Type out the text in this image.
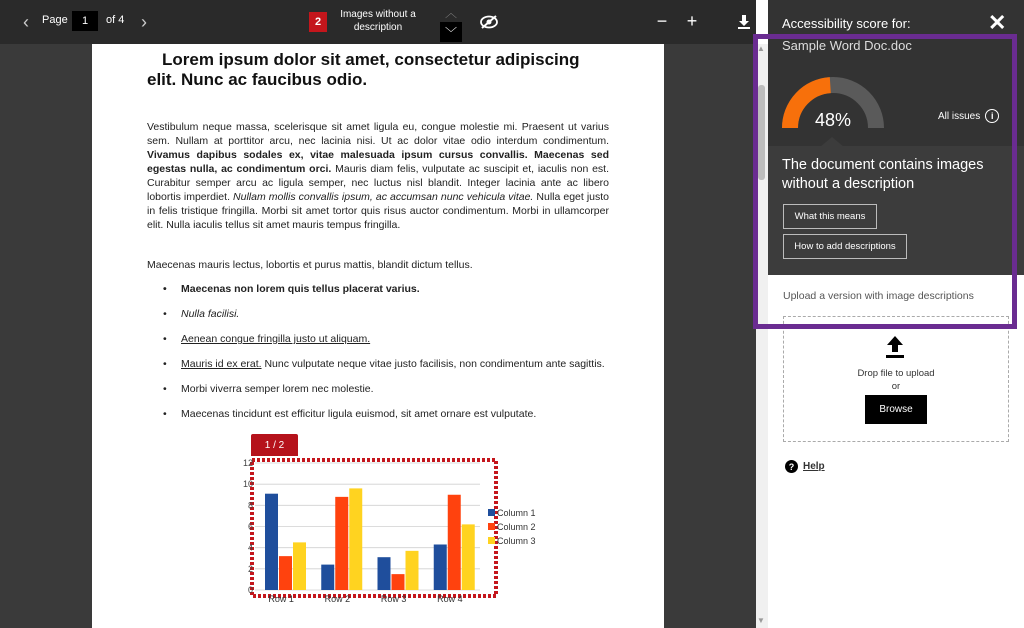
‹	Page	1	of 4 ›	2
Images without a
description
︿
﹀
−	+
Lorem ipsum dolor sit amet, consectetur adipiscing
elit. Nunc ac faucibus odio.

Vestibulum neque massa, scelerisque sit amet ligula eu, congue molestie mi. Praesent ut varius sem. Nullam at porttitor arcu, nec lacinia nisi. Ut ac dolor vitae odio interdum condimentum. Vivamus dapibus sodales ex, vitae malesuada ipsum cursus convallis. Maecenas sed egestas nulla, ac condimentum orci. Mauris diam felis, vulputate ac suscipit et, iaculis non est. Curabitur semper arcu ac ligula semper, nec luctus nisl blandit. Integer lacinia ante ac libero lobortis imperdiet. Nullam mollis convallis ipsum, ac accumsan nunc vehicula vitae. Nulla eget justo in felis tristique fringilla. Morbi sit amet tortor quis risus auctor condimentum. Morbi in ullamcorper elit. Nulla iaculis tellus sit amet mauris tempus fringilla.

Maecenas mauris lectus, lobortis et purus mattis, blandit dictum tellus.

• Maecenas non lorem quis tellus placerat varius.
• Nulla facilisi.
• Aenean congue fringilla justo ut aliquam.
• Mauris id ex erat. Nunc vulputate neque vitae justo facilisis, non condimentum ante sagittis.
• Morbi viverra semper lorem nec molestie.
• Maecenas tincidunt est efficitur ligula euismod, sit amet ornare est vulputate.
1 / 2
0
2
4
6
8
10
12
Row 1	Row 2	Row 3	Row 4
Column 1
Column 2
Column 3
▲
▼
Accessibility score for:	✕
Sample Word Doc.doc
48%	All issues	i
The document contains images without a description
What this means
How to add descriptions
Upload a version with image descriptions
Drop file to upload
or
Browse
? Help
